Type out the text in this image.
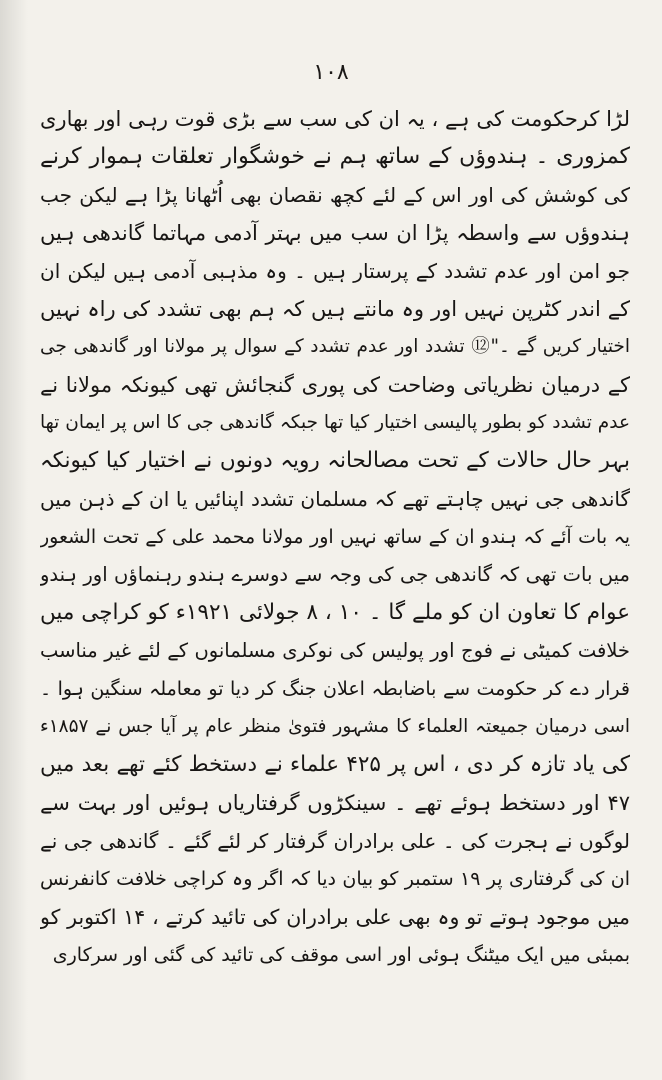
۱۰۸
لڑا کرحکومت کی ہے ، یہ ان کی سب سے بڑی قوت رہی اور بھاری
کمزوری ۔ ہندوؤں کے ساتھ ہم نے خوشگوار تعلقات ہموار کرنے
کی کوشش کی اور اس کے لئے کچھ نقصان بھی اُٹھانا پڑا ہے لیکن جب
ہندوؤں سے واسطہ پڑا ان سب میں بہتر آدمی مہاتما گاندھی ہیں
جو امن اور عدم تشدد کے پرستار ہیں ۔ وہ مذہبی آدمی ہیں لیکن ان
کے اندر کٹرپن نہیں اور وہ مانتے ہیں کہ ہم بھی تشدد کی راہ نہیں
اختیار کریں گے ۔"⑫ تشدد اور عدم تشدد کے سوال پر مولانا اور گاندھی جی
کے درمیان نظریاتی وضاحت کی پوری گنجائش تھی کیونکہ مولانا نے
عدم تشدد کو بطور پالیسی اختیار کیا تھا جبکہ گاندھی جی کا اس پر ایمان تھا
بہر حال حالات کے تحت مصالحانہ رویہ دونوں نے اختیار کیا کیونکہ
گاندھی جی نہیں چاہتے تھے کہ مسلمان تشدد اپنائیں یا ان کے ذہن میں
یہ بات آئے کہ ہندو ان کے ساتھ نہیں اور مولانا محمد علی کے تحت الشعور
میں بات تھی کہ گاندھی جی کی وجہ سے دوسرے ہندو رہنماؤں اور ہندو
عوام کا تعاون ان کو ملے گا ۔ ۱۰ ، ۸ جولائی ۱۹۲۱ء کو کراچی میں
خلافت کمیٹی نے فوج اور پولیس کی نوکری مسلمانوں کے لئے غیر مناسب
قرار دے کر حکومت سے باضابطہ اعلان جنگ کر دیا تو معاملہ سنگین ہوا ۔
اسی درمیان جمیعتہ العلماء کا مشہور فتویٰ منظر عام پر آیا جس نے ۱۸۵۷ء
کی یاد تازہ کر دی ، اس پر ۴۲۵ علماء نے دستخط کئے تھے بعد میں
۴۷ اور دستخط ہوئے تھے ۔ سینکڑوں گرفتاریاں ہوئیں اور بہت سے
لوگوں نے ہجرت کی ۔ علی برادران گرفتار کر لئے گئے ۔ گاندھی جی نے
ان کی گرفتاری پر ۱۹ ستمبر کو بیان دیا کہ اگر وہ کراچی خلافت کانفرنس
میں موجود ہوتے تو وہ بھی علی برادران کی تائید کرتے ، ۱۴ اکتوبر کو
بمبئی میں ایک میٹنگ ہوئی اور اسی موقف کی تائید کی گئی اور سرکاری
